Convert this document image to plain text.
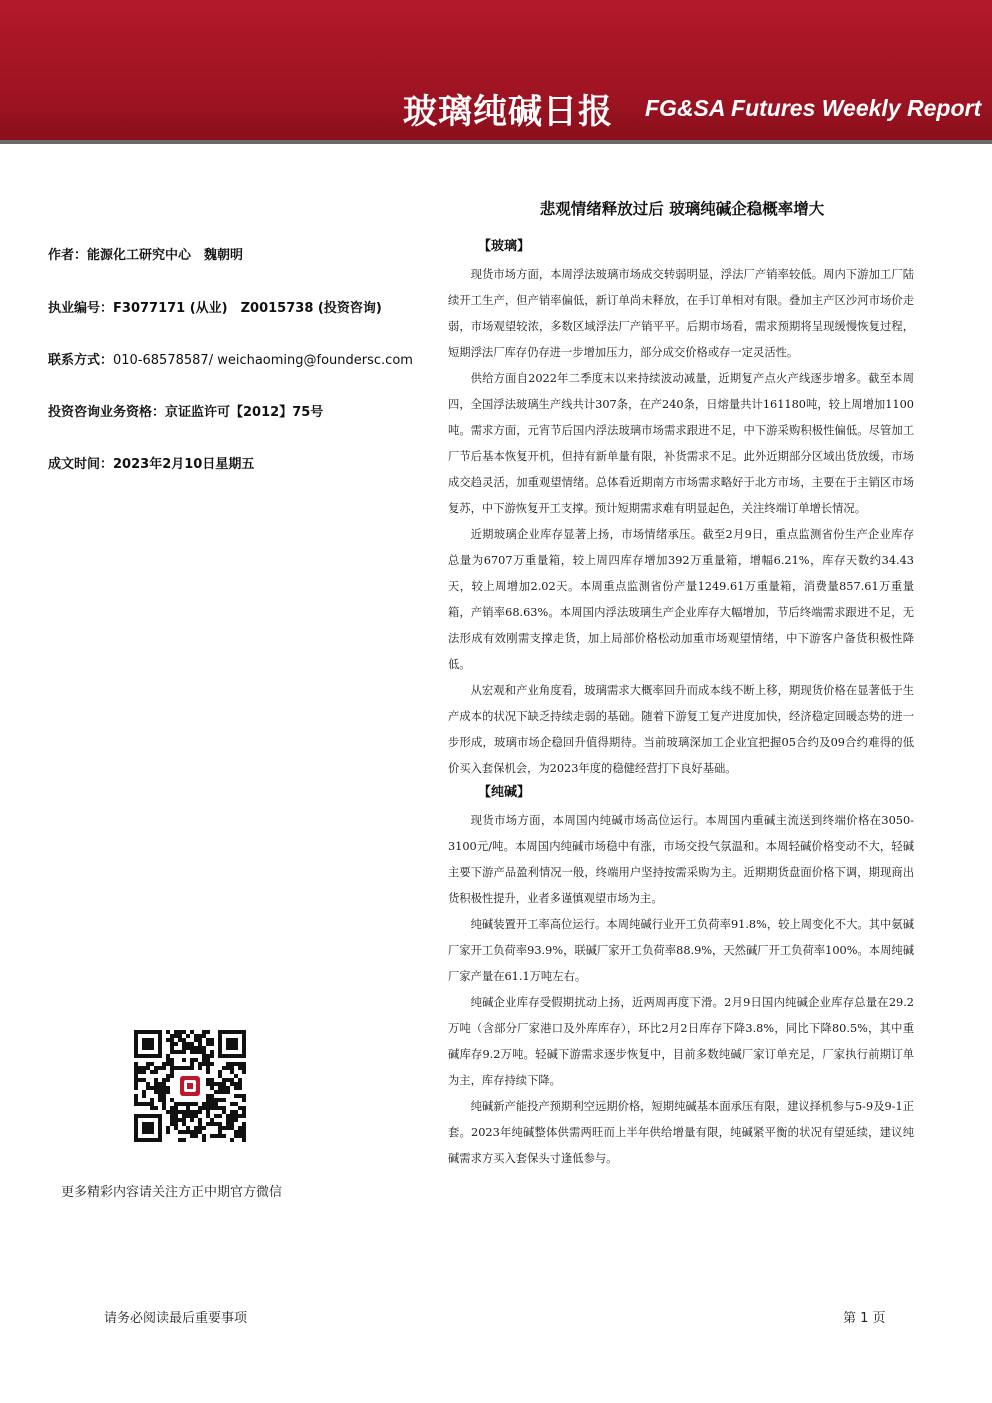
玻璃纯碱日报 FG&SA Futures Weekly Report
悲观情绪释放过后 玻璃纯碱企稳概率增大
作者：能源化工研究中心　魏朝明
执业编号：F3077171 (从业)　Z0015738 (投资咨询)
联系方式：010-68578587/ weichaoming@foundersc.com
投资咨询业务资格：京证监许可【2012】75号
成文时间：2023年2月10日星期五
更多精彩内容请关注方正中期官方微信
【玻璃】

现货市场方面，本周浮法玻璃市场成交转弱明显，浮法厂产销率较低。周内下游加工厂陆续开工生产，但产销率偏低，新订单尚未释放，在手订单相对有限。叠加主产区沙河市场价走弱，市场观望较浓，多数区域浮法厂产销平平。后期市场看，需求预期将呈现缓慢恢复过程，短期浮法厂库存仍存进一步增加压力，部分成交价格或存一定灵活性。

供给方面自2022年二季度末以来持续波动减量，近期复产点火产线逐步增多。截至本周四，全国浮法玻璃生产线共计307条，在产240条，日熔量共计161180吨，较上周增加1100吨。需求方面，元宵节后国内浮法玻璃市场需求跟进不足，中下游采购积极性偏低。尽管加工厂节后基本恢复开机，但持有新单量有限，补货需求不足。此外近期部分区域出货放缓，市场成交趋灵活，加重观望情绪。总体看近期南方市场需求略好于北方市场，主要在于主销区市场复苏，中下游恢复开工支撑。预计短期需求难有明显起色，关注终端订单增长情况。

近期玻璃企业库存显著上扬，市场情绪承压。截至2月9日，重点监测省份生产企业库存总量为6707万重量箱，较上周四库存增加392万重量箱，增幅6.21%，库存天数约34.43天，较上周增加2.02天。本周重点监测省份产量1249.61万重量箱，消费量857.61万重量箱，产销率68.63%。本周国内浮法玻璃生产企业库存大幅增加，节后终端需求跟进不足，无法形成有效刚需支撑走货，加上局部价格松动加重市场观望情绪，中下游客户备货积极性降低。

从宏观和产业角度看，玻璃需求大概率回升而成本线不断上移，期现货价格在显著低于生产成本的状况下缺乏持续走弱的基础。随着下游复工复产进度加快，经济稳定回暖态势的进一步形成，玻璃市场企稳回升值得期待。当前玻璃深加工企业宜把握05合约及09合约难得的低价买入套保机会，为2023年度的稳健经营打下良好基础。

【纯碱】

现货市场方面，本周国内纯碱市场高位运行。本周国内重碱主流送到终端价格在3050-3100元/吨。本周国内纯碱市场稳中有涨，市场交投气氛温和。本周轻碱价格变动不大，轻碱主要下游产品盈利情况一般，终端用户坚持按需采购为主。近期期货盘面价格下调，期现商出货积极性提升，业者多谨慎观望市场为主。

纯碱装置开工率高位运行。本周纯碱行业开工负荷率91.8%，较上周变化不大。其中氨碱厂家开工负荷率93.9%，联碱厂家开工负荷率88.9%，天然碱厂开工负荷率100%。本周纯碱厂家产量在61.1万吨左右。

纯碱企业库存受假期扰动上扬，近两周再度下滑。2月9日国内纯碱企业库存总量在29.2万吨（含部分厂家港口及外库库存），环比2月2日库存下降3.8%，同比下降80.5%，其中重碱库存9.2万吨。轻碱下游需求逐步恢复中，目前多数纯碱厂家订单充足，厂家执行前期订单为主，库存持续下降。

纯碱新产能投产预期利空远期价格，短期纯碱基本面承压有限，建议择机参与5-9及9-1正套。2023年纯碱整体供需两旺而上半年供给增量有限，纯碱紧平衡的状况有望延续，建议纯碱需求方买入套保头寸逢低参与。

请务必阅读最后重要事项	第 1 页
